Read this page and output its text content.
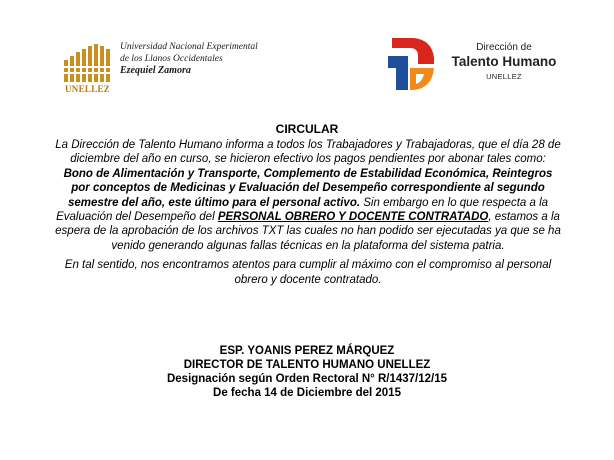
UNELLEZ
Universidad Nacional Experimental
de los Llanos Occidentales
Ezequiel Zamora
Dirección de
Talento Humano
UNELLEZ
CIRCULAR
La Dirección de Talento Humano informa a todos los Trabajadores y Trabajadoras, que el día 28 de diciembre del año en curso, se hicieron efectivo los pagos pendientes por abonar tales como: Bono de Alimentación y Transporte, Complemento de Estabilidad Económica, Reintegros por conceptos de Medicinas y Evaluación del Desempeño correspondiente al segundo semestre del año, este último para el personal activo. Sin embargo en lo que respecta a la Evaluación del Desempeño del PERSONAL OBRERO Y DOCENTE CONTRATADO, estamos a la espera de la aprobación de los archivos TXT las cuales no han podido ser ejecutadas ya que se ha venido generando algunas fallas técnicas en la plataforma del sistema patria.
En tal sentido, nos encontramos atentos para cumplir al máximo con el compromiso al personal obrero y docente contratado.
ESP. YOANIS PEREZ MÁRQUEZ
DIRECTOR DE TALENTO HUMANO UNELLEZ
Designación según Orden Rectoral N° R/1437/12/15
De fecha 14 de Diciembre del 2015
